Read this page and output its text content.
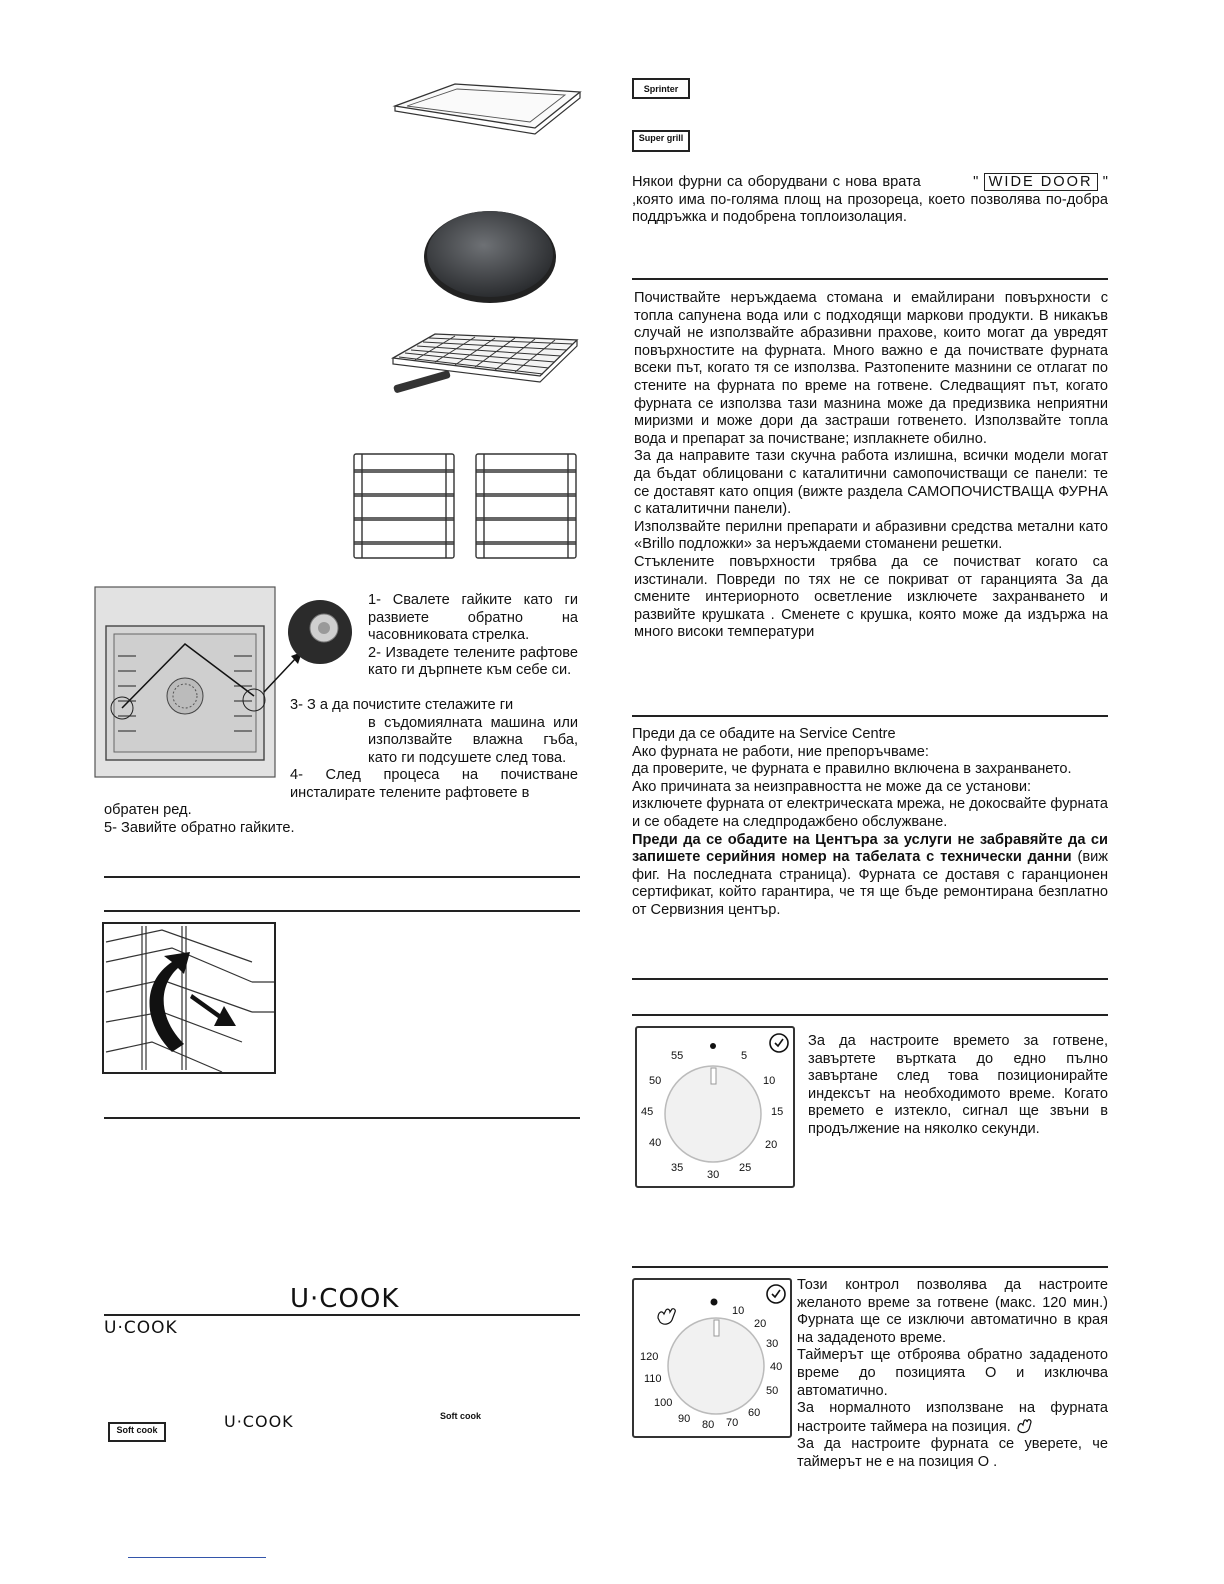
1- Свалете гайките като ги развиете обратно на часовниковата стрелка.

2- Извадете телените рафтове като ги дърпнете към себе си.

3- З а да почистите стелажите ги

в съдомиялната машина или използвайте влажна гъба, като ги подсушете след това.

4- След процеса на почистване инсталирате телените рафтовете в

обратен ред.

5- Завийте обратно гайките.

U·COOK
U·COOK
Soft cook	U·COOK	Soft cook
Sprinter
Super grill

Някои фурни са оборудвани с нова врата          " WIDE DOOR " ,която има по-голяма площ на прозореца, което позволява по-добра поддръжка и подобрена топлоизолация.

Почиствайте неръждаема стомана и емайлирани повърхности с топла сапунена вода или с подходящи маркови продукти. В никакъв случай не използвайте абразивни прахове, които могат да увредят повърхностите на фурната. Много важно е да почиствате фурната всеки път, когато тя се използва. Разтопените мазнини се отлагат по стените на фурната по време на готвене. Следващият път, когато фурната се използва тази мазнина може да предизвика неприятни миризми и може дори да застраши готвенето. Използвайте топла вода и препарат за почистване; изплакнете обилно.

За да направите тази скучна работа излишна, всички модели могат да бъдат облицовани с каталитични самопочистващи се панели: те се доставят като опция (вижте раздела САМОПОЧИСТВАЩА ФУРНА с каталитични панели).

Използвайте перилни препарати и абразивни средства метални като «Brillo подложки» за неръждаеми стоманени решетки.

Стъклените повърхности трябва да се почистват когато са изстинали. Повреди по тях не се покриват от гаранцията За да смените интериорното осветление изключете захранването и развийте крушката . Сменете с крушка, която може да издържа на много високи температури

Преди да се обадите на Service Centre

Ако фурната не работи, ние препоръчваме:

да проверите, че фурната е правилно включена в захранването.

Ако причината за неизправността не може да се установи:

изключете фурната от електрическата мрежа, не докосвайте фурната и се обадете на следпродажбено обслужване.

Преди да се обадите на Центъра за услуги не забравяйте да си запишете серийния номер на табелата с технически данни (виж фиг. На последната страница). Фурната се доставя с гаранционен сертификат, който гарантира, че тя ще бъде ремонтирана безплатно от Сервизния център.

55	5
50	10
45	15
40	20
35
30
25
За да настроите времето за готвене, завъртете въртката до едно пълно завъртане след това позиционирайте индексът на необходимото време. Когато времето е изтекло, сигнал ще звъни в продължение на няколко секунди.
10
20
30
40
50
60
70
80
90
100
110
120

Този контрол позволява да настроите желаното време за готвене (макс. 120 мин.) Фурната ще се изключи автоматично в края на зададеното време.

Таймерът ще отброява обратно зададеното време до позицията O и изключва автоматично.

За нормалното използване на фурната настроите таймера на позиция.

За да настроите фурната се уверете, че таймерът не е на позиция O .
